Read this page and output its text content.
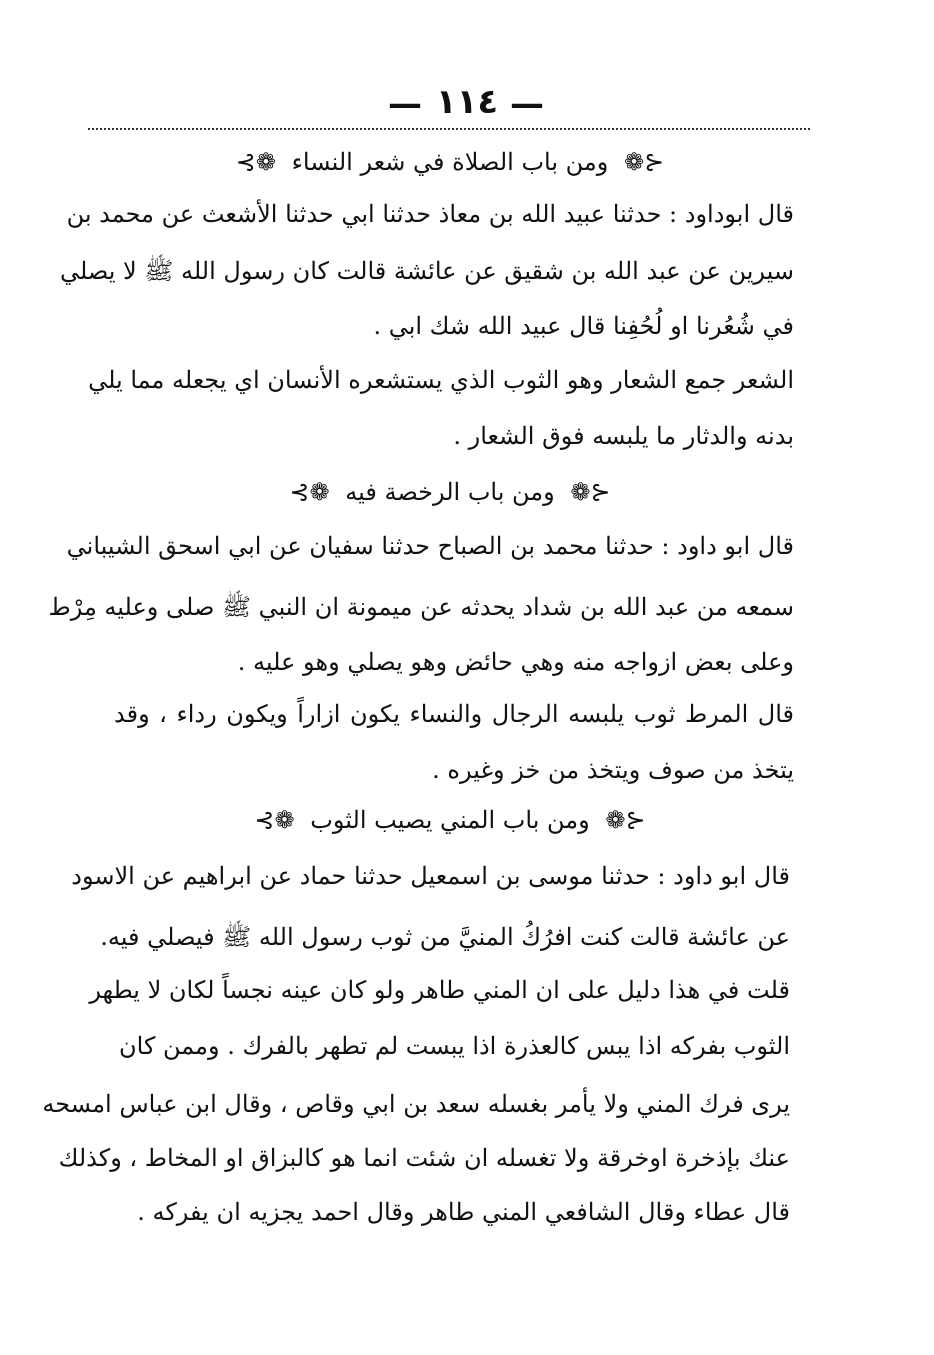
— ١١٤ —
⊰❁ ومن باب الصلاة في شعر النساء ❁⊱
قال ابوداود : حدثنا عبيد الله بن معاذ حدثنا ابي حدثنا الأشعث عن محمد بن
سيرين عن عبد الله بن شقيق عن عائشة قالت كان رسول الله ﷺ لا يصلي
في شُعُرنا او لُحُفِنا قال عبيد الله شك ابي .
الشعر جمع الشعار وهو الثوب الذي يستشعره الأنسان اي يجعله مما يلي
بدنه والدثار ما يلبسه فوق الشعار .
⊰❁ ومن باب الرخصة فيه ❁⊱
قال ابو داود : حدثنا محمد بن الصباح حدثنا سفيان عن ابي اسحق الشيباني
سمعه من عبد الله بن شداد يحدثه عن ميمونة ان النبي ﷺ صلى وعليه مِرْط
وعلى بعض ازواجه منه وهي حائض وهو يصلي وهو عليه .
قال المرط ثوب يلبسه الرجال والنساء يكون ازاراً ويكون رداء ، وقد
يتخذ من صوف ويتخذ من خز وغيره .
⊰❁ ومن باب المني يصيب الثوب ❁⊱
قال ابو داود : حدثنا موسى بن اسمعيل حدثنا حماد عن ابراهيم عن الاسود
عن عائشة قالت كنت افرُكُ المنيَّ من ثوب رسول الله ﷺ فيصلي فيه.
قلت في هذا دليل على ان المني طاهر ولو كان عينه نجساً لكان لا يطهر
الثوب بفركه اذا يبس كالعذرة اذا يبست لم تطهر بالفرك . وممن كان
يرى فرك المني ولا يأمر بغسله سعد بن ابي وقاص ، وقال ابن عباس امسحه
عنك بإذخرة اوخرقة ولا تغسله ان شئت انما هو كالبزاق او المخاط ، وكذلك
قال عطاء وقال الشافعي المني طاهر وقال احمد يجزيه ان يفركه .
